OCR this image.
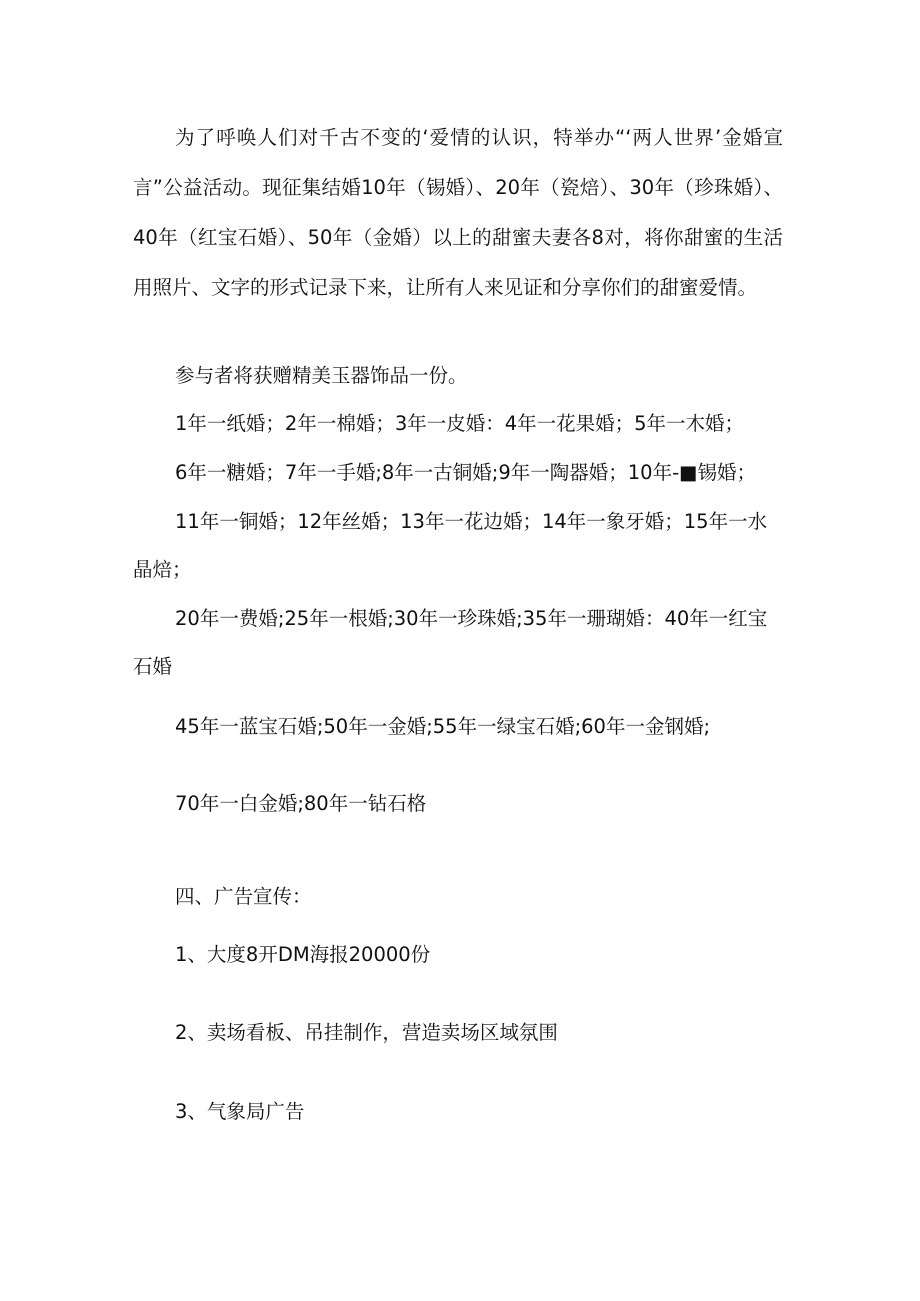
为了呼唤人们对千古不变的‘爱情的认识，特举办“‘两人世界’金婚宣言”公益活动。现征集结婚10年（锡婚）、20年（瓷焙）、30年（珍珠婚）、40年（红宝石婚）、50年（金婚）以上的甜蜜夫妻各8对，将你甜蜜的生活用照片、文字的形式记录下来，让所有人来见证和分享你们的甜蜜爱情。

参与者将获赠精美玉器饰品一份。

1年一纸婚；2年一棉婚；3年一皮婚：4年一花果婚；5年一木婚；

6年一糖婚；7年一手婚;8年一古铜婚;9年一陶器婚；10年-■锡婚；

11年一铜婚；12年丝婚；13年一花边婚；14年一象牙婚；15年一水晶焙；

20年一费婚;25年一根婚;30年一珍珠婚;35年一珊瑚婚：40年一红宝石婚

45年一蓝宝石婚;50年一金婚;55年一绿宝石婚;60年一金钢婚;

70年一白金婚;80年一钻石格

四、广告宣传：

1、大度8开DM海报20000份

2、卖场看板、吊挂制作，营造卖场区域氛围

3、气象局广告
